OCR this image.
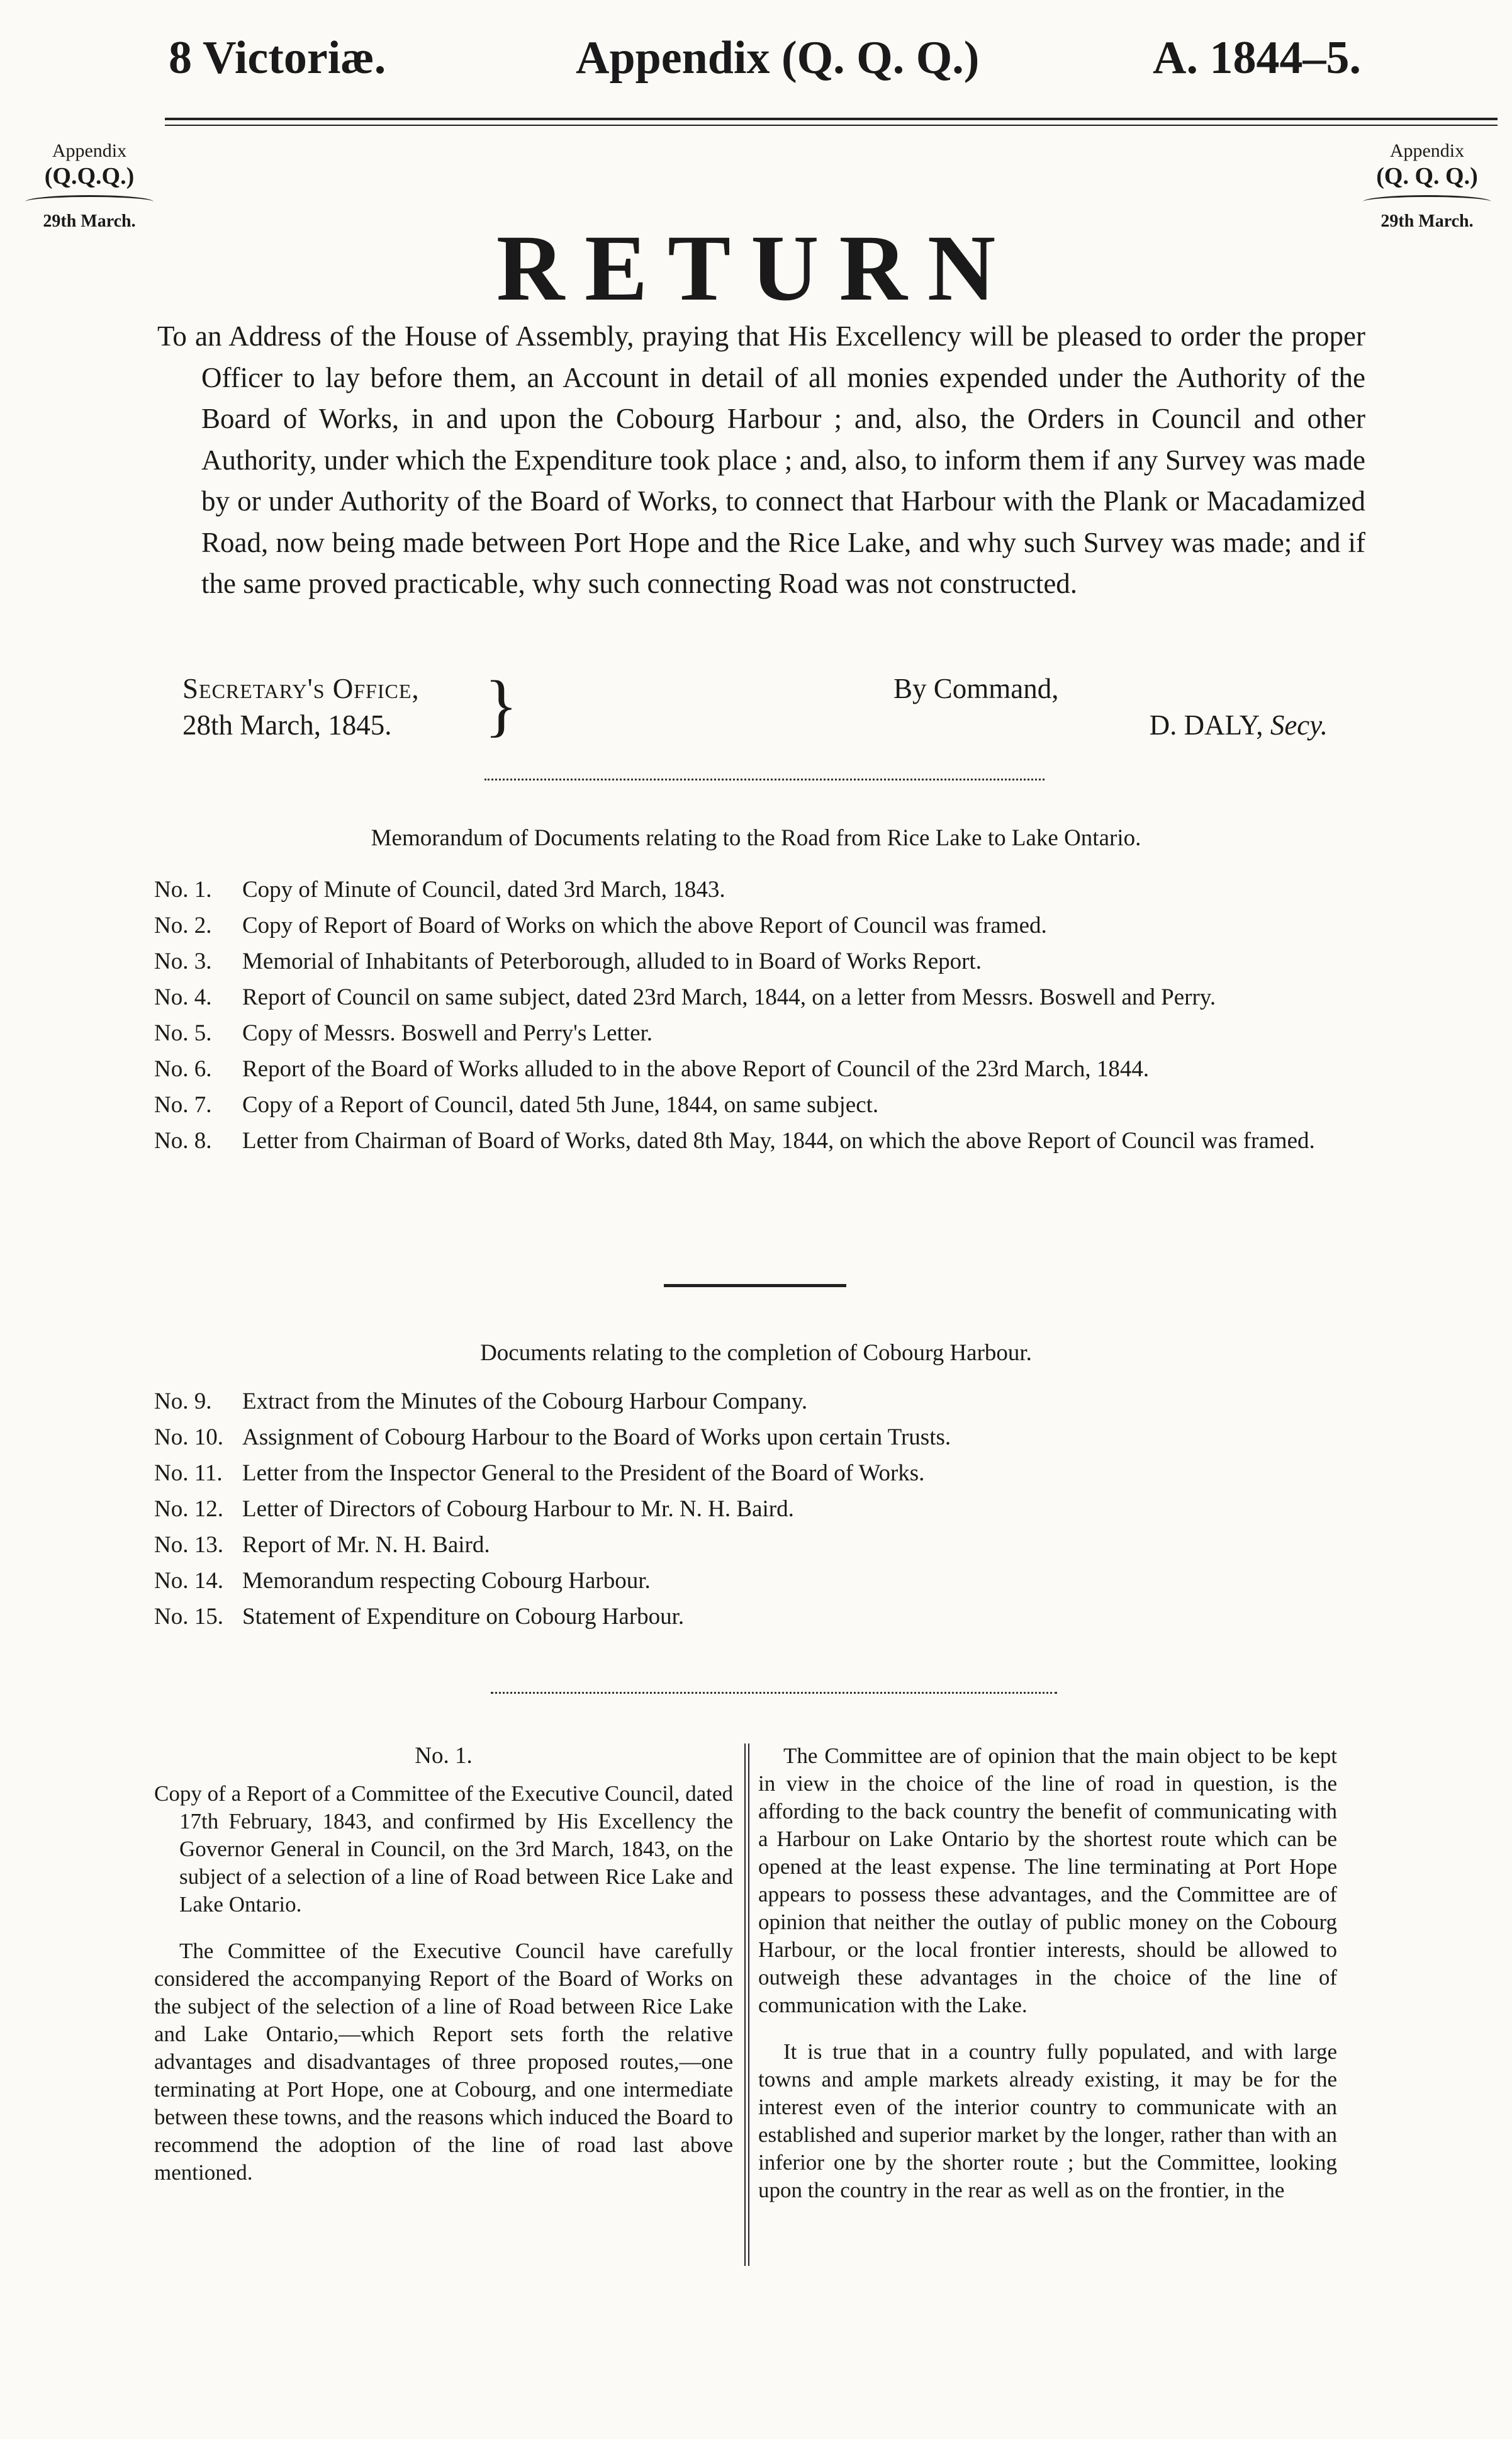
8 Victoriæ.	Appendix (Q. Q. Q.)	A. 1844–5.
Appendix
(Q.Q.Q.)
29th March.
Appendix
(Q. Q. Q.)
29th March.
RETURN

To an Address of the House of Assembly, praying that His Excellency will be pleased to order the proper Officer to lay before them, an Account in detail of all monies expended under the Authority of the Board of Works, in and upon the Cobourg Harbour ; and, also, the Orders in Council and other Authority, under which the Expenditure took place ; and, also, to inform them if any Survey was made by or under Authority of the Board of Works, to connect that Harbour with the Plank or Macadamized Road, now being made between Port Hope and the Rice Lake, and why such Survey was made; and if the same proved practicable, why such connecting Road was not constructed.

Secretary's Office,
28th March, 1845.	}	By Command,
D. DALY, Secy.
Memorandum of Documents relating to the Road from Rice Lake to Lake Ontario.
No. 1.	Copy of Minute of Council, dated 3rd March, 1843.
No. 2.	Copy of Report of Board of Works on which the above Report of Council was framed.
No. 3.	Memorial of Inhabitants of Peterborough, alluded to in Board of Works Report.
No. 4.	Report of Council on same subject, dated 23rd March, 1844, on a letter from Messrs. Boswell and Perry.
No. 5.	Copy of Messrs. Boswell and Perry's Letter.
No. 6.	Report of the Board of Works alluded to in the above Report of Council of the 23rd March, 1844.
No. 7.	Copy of a Report of Council, dated 5th June, 1844, on same subject.
No. 8.	Letter from Chairman of Board of Works, dated 8th May, 1844, on which the above Report of Council was framed.
Documents relating to the completion of Cobourg Harbour.
No. 9.	Extract from the Minutes of the Cobourg Harbour Company.
No. 10. Assignment of Cobourg Harbour to the Board of Works upon certain Trusts.
No. 11. Letter from the Inspector General to the President of the Board of Works.
No. 12. Letter of Directors of Cobourg Harbour to Mr. N. H. Baird.
No. 13. Report of Mr. N. H. Baird.
No. 14. Memorandum respecting Cobourg Harbour.
No. 15. Statement of Expenditure on Cobourg Harbour.
No. 1.

Copy of a Report of a Committee of the Executive Council, dated 17th February, 1843, and confirmed by His Excellency the Governor General in Council, on the 3rd March, 1843, on the subject of a selection of a line of Road between Rice Lake and Lake Ontario.

The Committee of the Executive Council have carefully considered the accompanying Report of the Board of Works on the subject of the selection of a line of Road between Rice Lake and Lake Ontario,—which Report sets forth the relative advantages and disadvantages of three proposed routes,—one terminating at Port Hope, one at Cobourg, and one intermediate between these towns, and the reasons which induced the Board to recommend the adoption of the line of road last above mentioned.

The Committee are of opinion that the main object to be kept in view in the choice of the line of road in question, is the affording to the back country the benefit of communicating with a Harbour on Lake Ontario by the shortest route which can be opened at the least expense. The line terminating at Port Hope appears to possess these advantages, and the Committee are of opinion that neither the outlay of public money on the Cobourg Harbour, or the local frontier interests, should be allowed to outweigh these advantages in the choice of the line of communication with the Lake.

It is true that in a country fully populated, and with large towns and ample markets already existing, it may be for the interest even of the interior country to communicate with an established and superior market by the longer, rather than with an inferior one by the shorter route ; but the Committee, looking upon the country in the rear as well as on the frontier, in the
